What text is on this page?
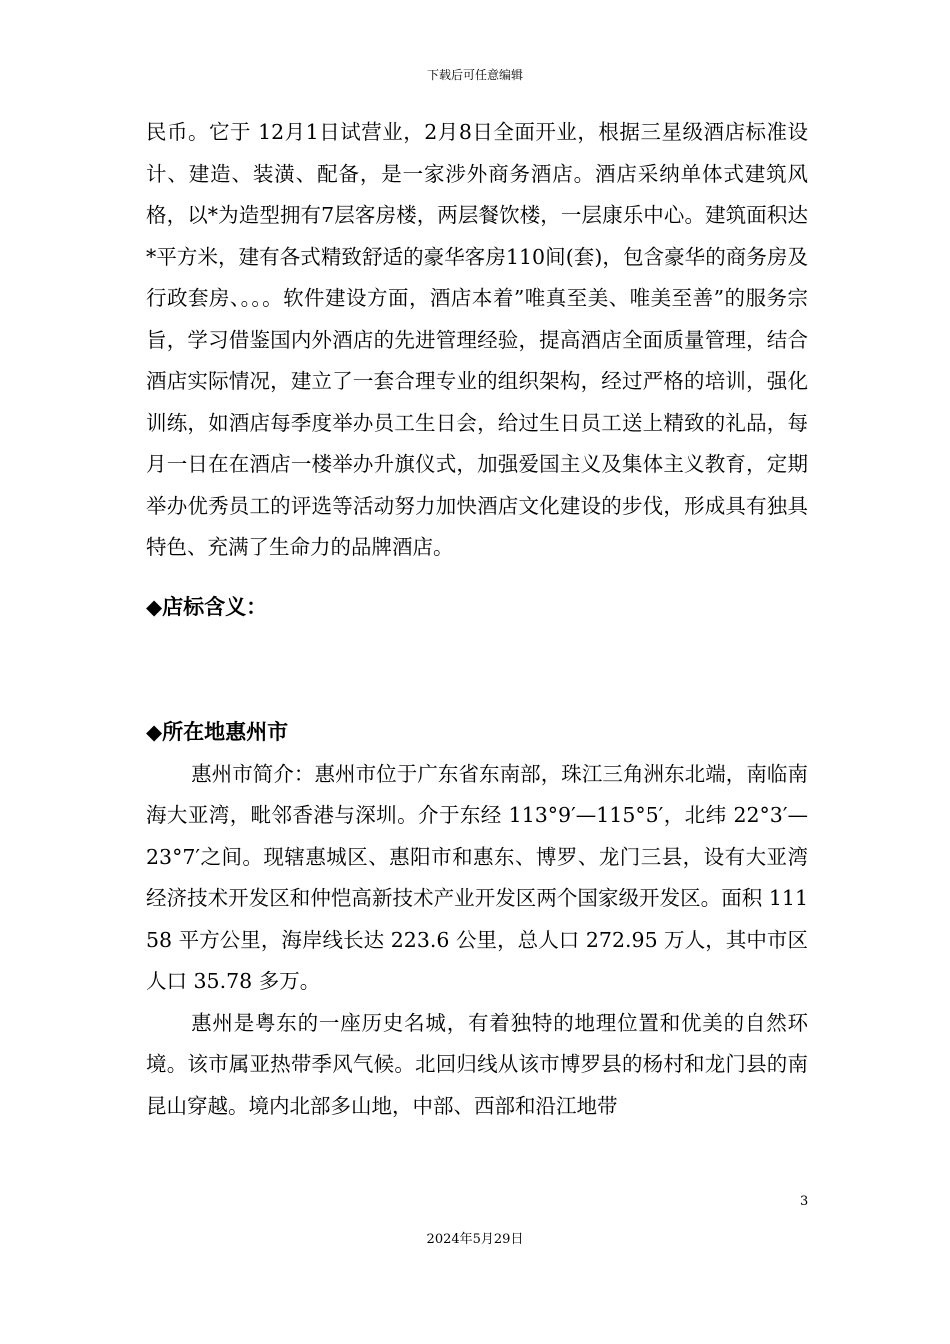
下载后可任意编辑

民币。它于 12月1日试营业，2月8日全面开业，根据三星级酒店标准设计、建造、装潢、配备，是一家涉外商务酒店。酒店采纳单体式建筑风格，以*为造型拥有7层客房楼，两层餐饮楼，一层康乐中心。建筑面积达*平方米，建有各式精致舒适的豪华客房110间(套)，包含豪华的商务房及行政套房、。。。软件建设方面，酒店本着”唯真至美、唯美至善”的服务宗旨，学习借鉴国内外酒店的先进管理经验，提高酒店全面质量管理，结合酒店实际情况，建立了一套合理专业的组织架构，经过严格的培训，强化训练，如酒店每季度举办员工生日会，给过生日员工送上精致的礼品，每月一日在在酒店一楼举办升旗仪式，加强爱国主义及集体主义教育，定期举办优秀员工的评选等活动努力加快酒店文化建设的步伐，形成具有独具特色、充满了生命力的品牌酒店。

◆店标含义：

◆所在地惠州市

惠州市简介：惠州市位于广东省东南部，珠江三角洲东北端，南临南海大亚湾，毗邻香港与深圳。介于东经 113°9′—115°5′，北纬 22°3′—23°7′之间。现辖惠城区、惠阳市和惠东、博罗、龙门三县，设有大亚湾经济技术开发区和仲恺高新技术产业开发区两个国家级开发区。面积 11158 平方公里，海岸线长达 223.6 公里，总人口 272.95 万人，其中市区人口 35.78 多万。

惠州是粤东的一座历史名城，有着独特的地理位置和优美的自然环境。该市属亚热带季风气候。北回归线从该市博罗县的杨村和龙门县的南昆山穿越。境内北部多山地，中部、西部和沿江地带

3
2024年5月29日
